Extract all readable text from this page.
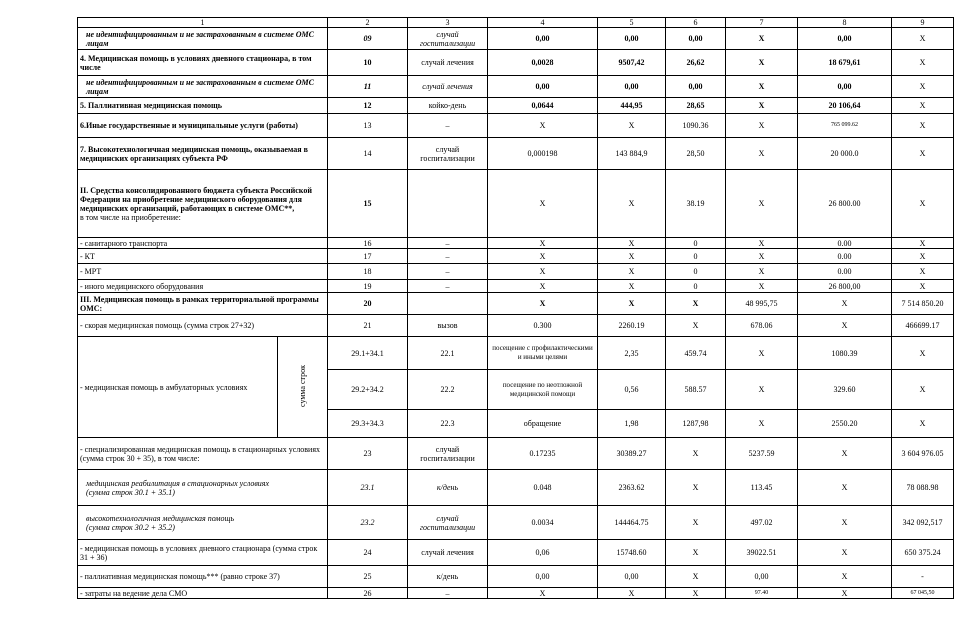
1		2	3	4	5	6	7	8	9	
не идентифицированным и не застрахованным в системе ОМС лицам		09	случай госпитализации	0,00	0,00	0,00	Х	0,00	Х	
4. Медицинская помощь в условиях дневного стационара, в том числе		10	случай лечения	0,0028	9507,42	26,62	Х	18 679,61	Х	
не идентифицированным и не застрахованным в системе ОМС лицам		11	случай лечения	0,00	0,00	0,00	Х	0,00	Х	
5. Паллиативная медицинская помощь		12	койко-день	0,0644	444,95	28,65	Х	20 106,64	Х	
6.Иные государственные и муниципальные услуги (работы)		13	–	Х	Х	1090.36	Х	765 099.62	Х	
7. Высокотехнологичная медицинская помощь, оказываемая в медицинских организациях субъекта РФ		14	случай госпитализации	0,000198	143 884,9	28,50	Х	20 000.0	Х	
II. Средства консолидированного бюджета субъекта Российской Федерации на приобретение медицинского оборудования для медицинских организаций, работающих в системе ОМС**,
в том числе на приобретение:		15		Х	Х	38.19	Х	26 800.00	Х	
- санитарного транспорта		16	–	Х	Х	0	Х	0.00	Х	
- КТ		17	–	Х	Х	0	Х	0.00	Х	
- МРТ		18	–	Х	Х	0	Х	0.00	Х	
- иного медицинского оборудования		19	–	Х	Х	0	Х	26 800,00	Х	
III. Медицинская помощь в рамках территориальной программы ОМС:		20		Х	Х	Х	48 995,75	Х	7 514 850.20	
- скорая медицинская помощь (сумма строк 27+32)		21	вызов	0.300	2260.19	Х	678.06	Х	466699.17	
- медицинская помощь в амбулаторных условиях	сумма строк	29.1+34.1	22.1	посещение с профилактическими и иными целями	2,35	459.74	Х	1080.39	Х		
		29.2+34.2	22.2	посещение по неотложной медицинской помощи	0,56	588.57	Х	329.60	Х		
		29.3+34.3	22.3	обращение	1,98	1287,98	Х	2550.20	Х		
- специализированная медицинская помощь в стационарных условиях (сумма строк 30 + 35), в том числе:		23	случай госпитализации	0.17235	30389.27	Х	5237.59	Х	3 604 976.05	
медицинская реабилитация в стационарных условиях
(сумма строк 30.1 + 35.1)		23.1	к/день	0.048	2363.62	Х	113.45	Х	78 088.98	
высокотехнологичная медицинская помощь
(сумма строк 30.2 + 35.2)		23.2	случай госпитализации	0.0034	144464.75	Х	497.02	Х	342 092,517	
- медицинская помощь в условиях дневного стационара (сумма строк 31 + 36)		24	случай лечения	0,06	15748.60	Х	39022.51	Х	650 375.24	
- паллиативная медицинская помощь*** (равно строке 37)		25	к/день	0,00	0,00	Х	0,00	Х	-	
- затраты на ведение дела СМО		26	–	Х	Х	Х	97.40	Х	67 045,50	
